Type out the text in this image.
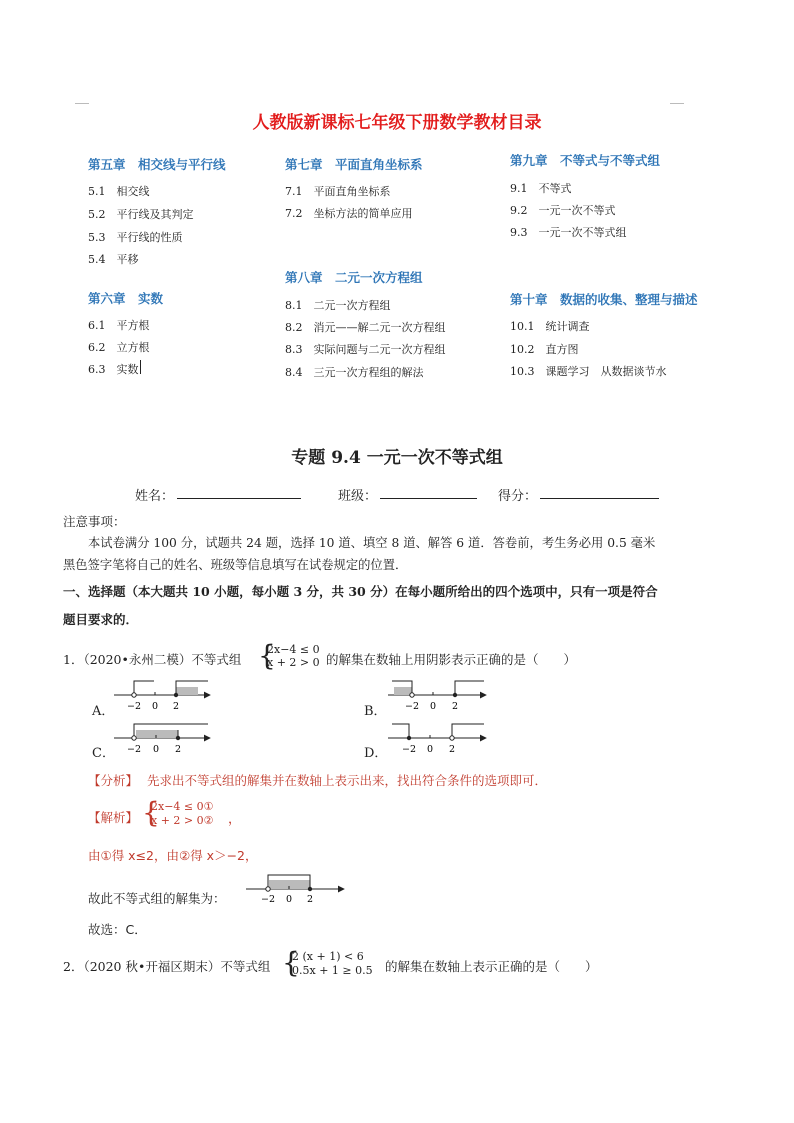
人教版新课标七年级下册数学教材目录
第五章　相交线与平行线
5.1　相交线
5.2　平行线及其判定
5.3　平行线的性质
5.4　平移
第六章　实数
6.1　平方根
6.2　立方根
6.3　实数
第七章　平面直角坐标系
7.1　平面直角坐标系
7.2　坐标方法的简单应用
第八章　二元一次方程组
8.1　二元一次方程组
8.2　消元——解二元一次方程组
8.3　实际问题与二元一次方程组
8.4　三元一次方程组的解法
第九章　不等式与不等式组
9.1　不等式
9.2　一元一次不等式
9.3　一元一次不等式组
第十章　数据的收集、整理与描述
10.1　统计调查
10.2　直方图
10.3　课题学习　从数据谈节水
专题 9.4 一元一次不等式组
姓名：	班级：	得分：
注意事项：
本试卷满分 100 分，试题共 24 题，选择 10 道、填空 8 道、解答 6 道．答卷前，考生务必用 0.5 毫米
黑色签字笔将自己的姓名、班级等信息填写在试卷规定的位置．
一、选择题（本大题共 10 小题，每小题 3 分，共 30 分）在每小题所给出的四个选项中，只有一项是符合
题目要求的．
1．（2020•永州二模）不等式组 {
2x−4 ≤ 0
x + 2 > 0 的解集在数轴上用阴影表示正确的是（　　）
A．	B．
C．	D．
−2 0 2	−2 0 2
−2 0 2	−2 0 2
−2 0 2
【分析】 先求出不等式组的解集并在数轴上表示出来，找出符合条件的选项即可．
【解析】 {
2x−4 ≤ 0①
x + 2 > 0② ，
由①得 x≤2，由②得 x＞−2，
故此不等式组的解集为：
故选：C．
2．（2020 秋•开福区期末）不等式组 {
2 (x + 1) < 6
0.5x + 1 ≥ 0.5 的解集在数轴上表示正确的是（　　）
